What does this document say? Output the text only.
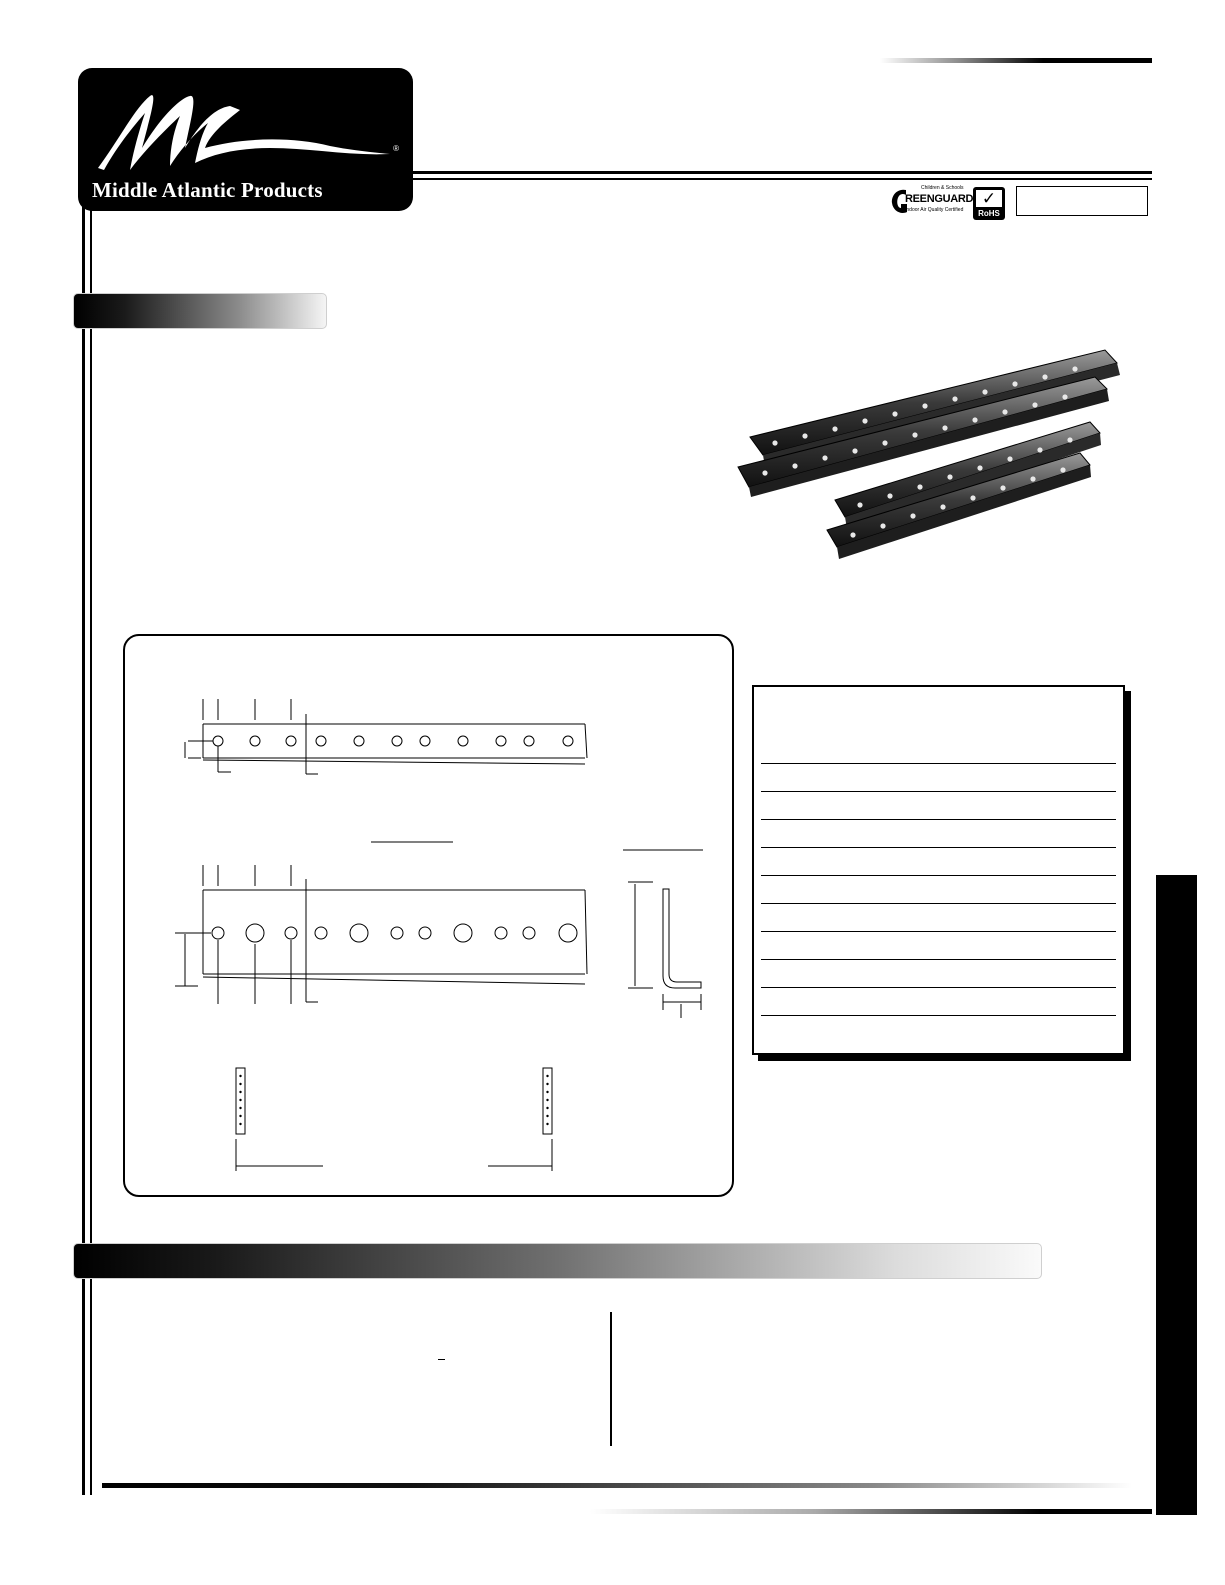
®
Middle Atlantic Products	Children & Schools
REENGUARD
Indoor Air Quality Certified
✓
RoHS
